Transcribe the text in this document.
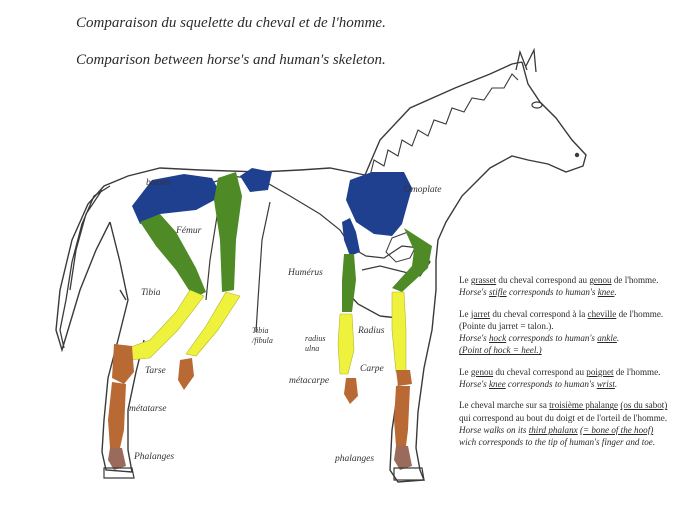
Comparaison du squelette du cheval et de l'homme.
Comparison between horse's and human's skeleton.
bassin
Omoplate
Fémur
Humérus
Tibia
Tibia
/fibula	radius
ulna
Radius
Carpe
Tarse
métacarpe
métatarse
Phalanges	phalanges

Le grasset du cheval correspond au genou de l'homme.
Horse's stifle corresponds to human's knee.

Le jarret du cheval correspond à la cheville de l'homme.
(Pointe du jarret = talon.).
Horse's hock corresponds to human's ankle.
(Point of hock = heel.)

Le genou du cheval correspond au poignet de l'homme.
Horse's knee corresponds to human's wrist.

Le cheval marche sur sa troisième phalange (os du sabot)
qui correspond au bout du doigt et de l'orteil de l'homme.
Horse walks on its third phalanx (= bone of the hoof)
wich corresponds to the tip of human's finger and toe.
